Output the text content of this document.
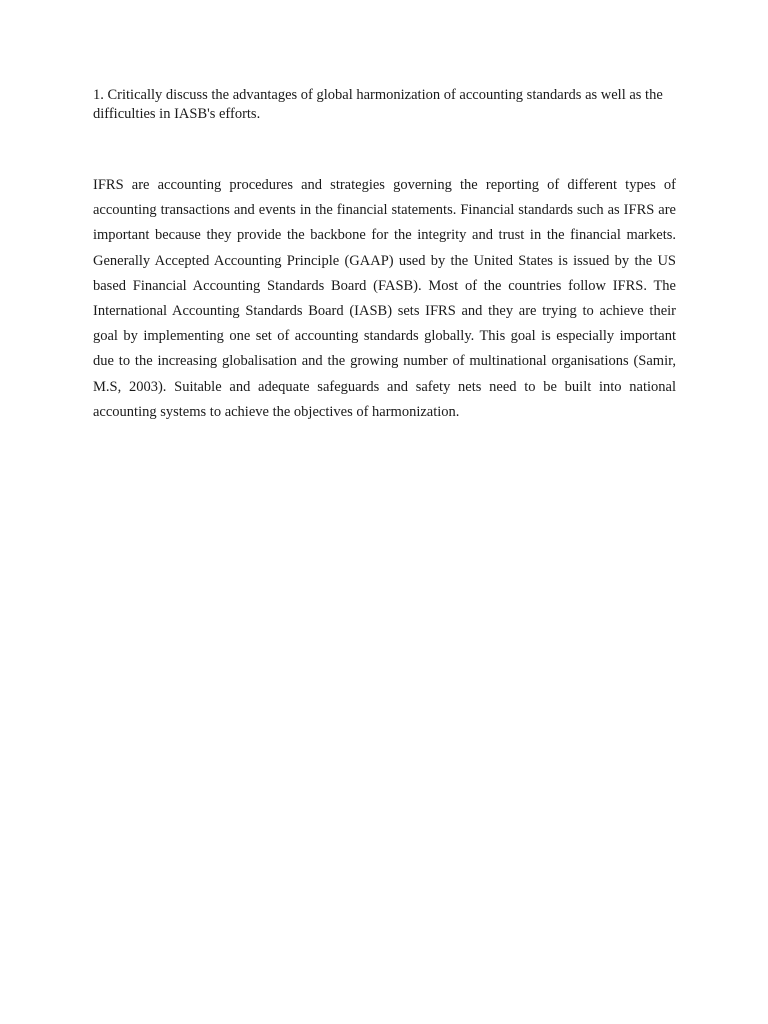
1. Critically discuss the advantages of global harmonization of accounting standards as well as the difficulties in IASB's efforts.

IFRS are accounting procedures and strategies governing the reporting of different types of accounting transactions and events in the financial statements. Financial standards such as IFRS are important because they provide the backbone for the integrity and trust in the financial markets. Generally Accepted Accounting Principle (GAAP) used by the United States is issued by the US based Financial Accounting Standards Board (FASB). Most of the countries follow IFRS. The International Accounting Standards Board (IASB) sets IFRS and they are trying to achieve their goal by implementing one set of accounting standards globally. This goal is especially important due to the increasing globalisation and the growing number of multinational organisations (Samir, M.S, 2003). Suitable and adequate safeguards and safety nets need to be built into national accounting systems to achieve the objectives of harmonization.
